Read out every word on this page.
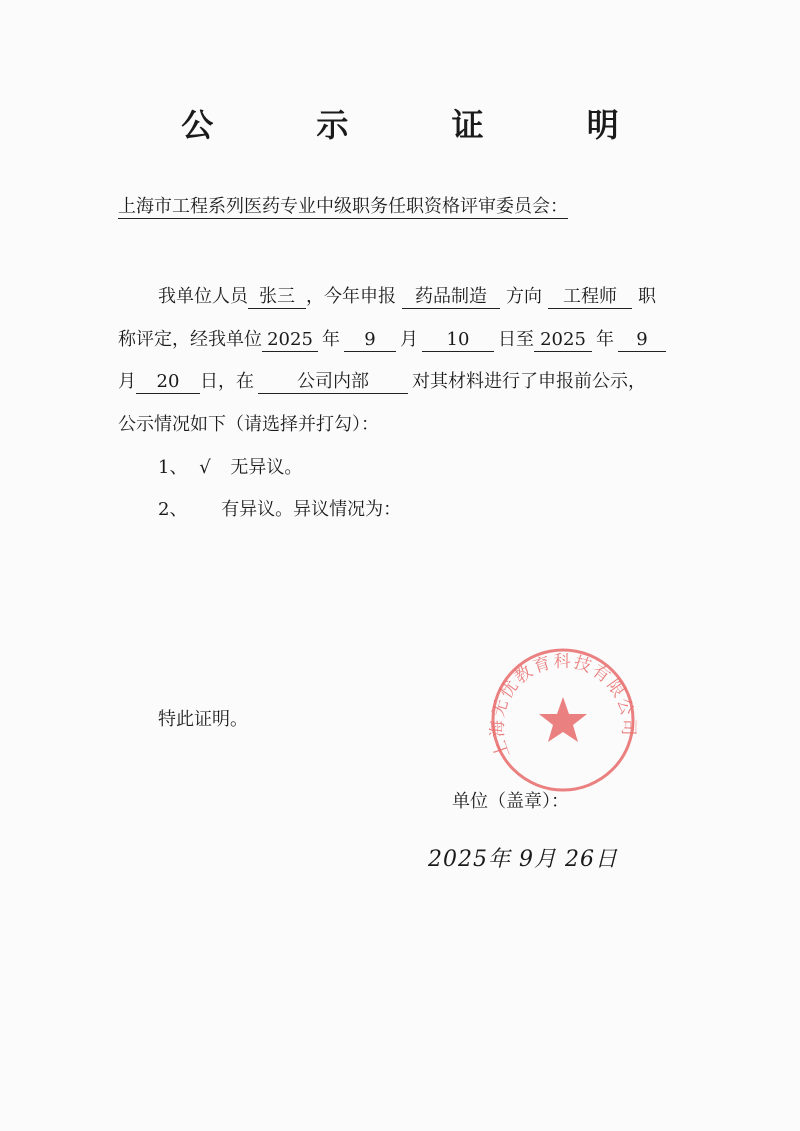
公 示 证 明
上海市工程系列医药专业中级职务任职资格评审委员会：
我单位人员 张三 ，今年申报 药品制造 方向 工程师 职
称评定，经我单位 2025 年 9 月 10 日至 2025 年 9
月 20 日，在 公司内部 对其材料进行了申报前公示，
公示情况如下（请选择并打勾）：
1、 √ 无异议。
2、 有异议。异议情况为：
特此证明。
上海无忧教育科技有限公司
单位（盖章）：
2025年 9月 26日
